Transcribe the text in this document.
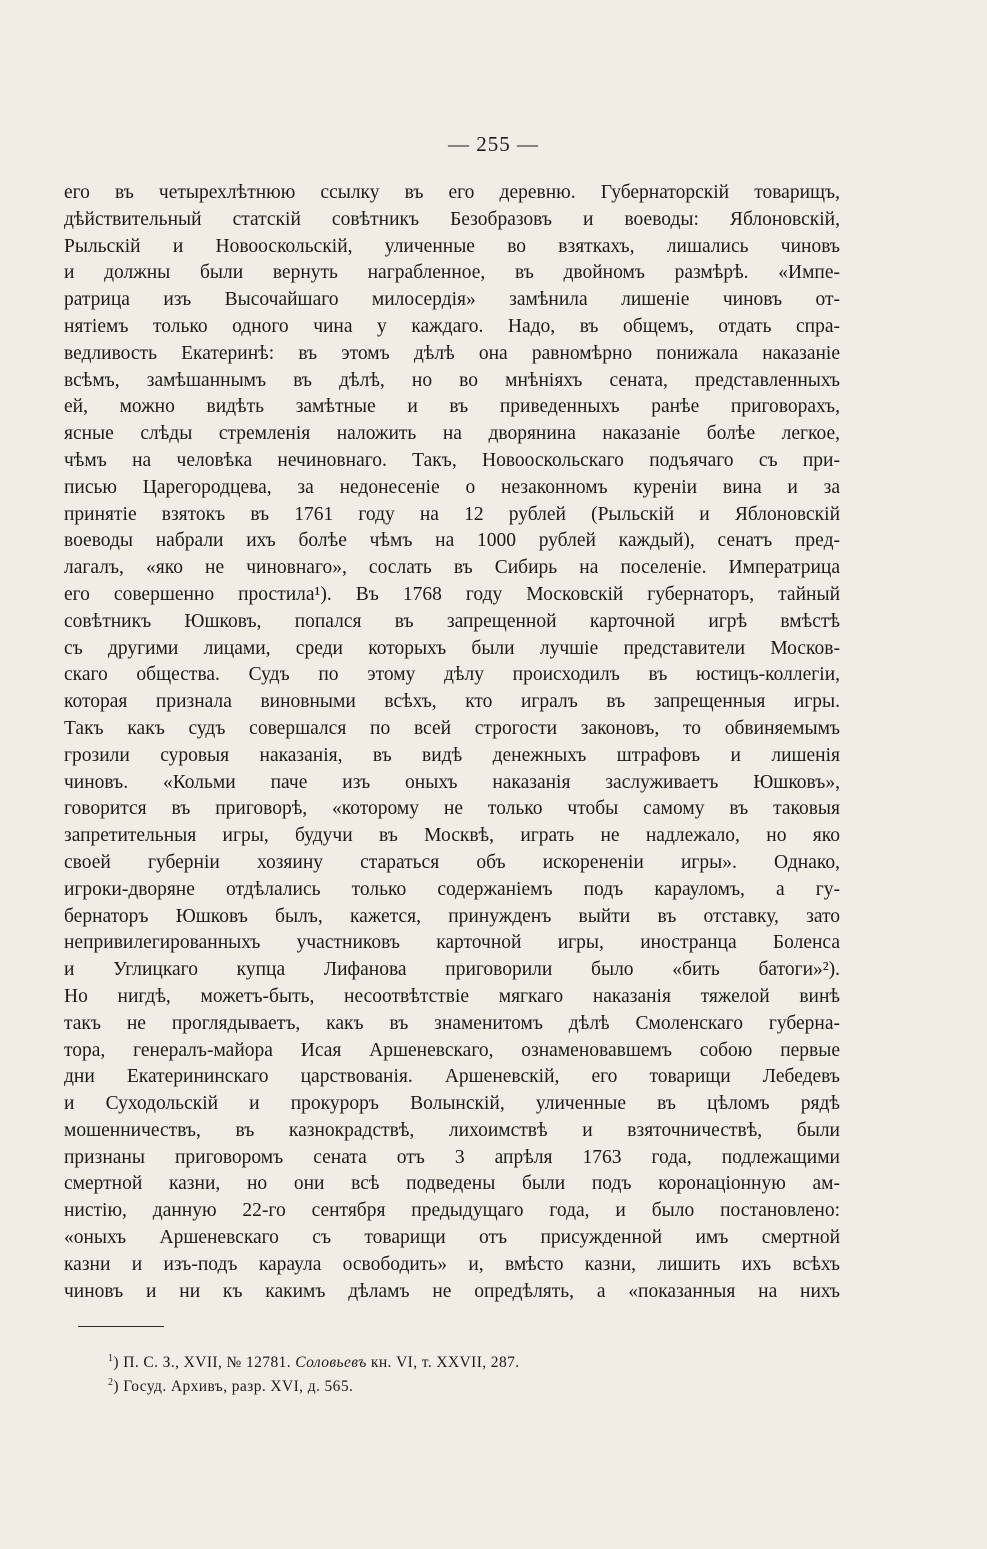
— 255 —
его въ четырехлѣтнюю ссылку въ его деревню. Губернаторскій товарищъ,
дѣйствительный статскій совѣтникъ Безобразовъ и воеводы: Яблоновскій,
Рыльскій и Новооскольскій, уличенные во взяткахъ, лишались чиновъ
и должны были вернуть награбленное, въ двойномъ размѣрѣ. «Импе-
ратрица изъ Высочайшаго милосердія» замѣнила лишеніе чиновъ от-
нятіемъ только одного чина у каждаго. Надо, въ общемъ, отдать спра-
ведливость Екатеринѣ: въ этомъ дѣлѣ она равномѣрно понижала наказаніе
всѣмъ, замѣшаннымъ въ дѣлѣ, но во мнѣніяхъ сената, представленныхъ
ей, можно видѣть замѣтные и въ приведенныхъ ранѣе приговорахъ,
ясные слѣды стремленія наложить на дворянина наказаніе болѣе легкое,
чѣмъ на человѣка нечиновнаго. Такъ, Новооскольскаго подъячаго съ при-
писью Царегородцева, за недонесеніе о незаконномъ куреніи вина и за
принятіе взятокъ въ 1761 году на 12 рублей (Рыльскій и Яблоновскій
воеводы набрали ихъ болѣе чѣмъ на 1000 рублей каждый), сенатъ пред-
лагалъ, «яко не чиновнаго», сослать въ Сибирь на поселеніе. Императрица
его совершенно простила¹). Въ 1768 году Московскій губернаторъ, тайный
совѣтникъ Юшковъ, попался въ запрещенной карточной игрѣ вмѣстѣ
съ другими лицами, среди которыхъ были лучшіе представители Москов-
скаго общества. Судъ по этому дѣлу происходилъ въ юстицъ-коллегіи,
которая признала виновными всѣхъ, кто игралъ въ запрещенныя игры.
Такъ какъ судъ совершался по всей строгости законовъ, то обвиняемымъ
грозили суровыя наказанія, въ видѣ денежныхъ штрафовъ и лишенія
чиновъ. «Кольми паче изъ оныхъ наказанія заслуживаетъ Юшковъ»,
говорится въ приговорѣ, «которому не только чтобы самому въ таковыя
запретительныя игры, будучи въ Москвѣ, играть не надлежало, но яко
своей губерніи хозяину стараться объ искорененіи игры». Однако,
игроки-дворяне отдѣлались только содержаніемъ подъ карауломъ, а гу-
бернаторъ Юшковъ былъ, кажется, принужденъ выйти въ отставку, зато
непривилегированныхъ участниковъ карточной игры, иностранца Боленса
и Углицкаго купца Лифанова приговорили было «бить батоги»²).
Но нигдѣ, можетъ-быть, несоотвѣтствіе мягкаго наказанія тяжелой винѣ
такъ не проглядываетъ, какъ въ знаменитомъ дѣлѣ Смоленскаго губерна-
тора, генералъ-майора Исая Аршеневскаго, ознаменовавшемъ собою первые
дни Екатерининскаго царствованія. Аршеневскій, его товарищи Лебедевъ
и Суходольскій и прокуроръ Волынскій, уличенные въ цѣломъ рядѣ
мошенничествъ, въ казнокрадствѣ, лихоимствѣ и взяточничествѣ, были
признаны приговоромъ сената отъ 3 апрѣля 1763 года, подлежащими
смертной казни, но они всѣ подведены были подъ коронаціонную ам-
нистію, данную 22-го сентября предыдущаго года, и было постановлено:
«оныхъ Аршеневскаго съ товарищи отъ присужденной имъ смертной
казни и изъ-подъ караула освободить» и, вмѣсто казни, лишить ихъ всѣхъ
чиновъ и ни къ какимъ дѣламъ не опредѣлять, а «показанныя на нихъ
$^1$) П. С. З., XVII, № 12781. Соловьевъ кн. VI, т. XXVII, 287.
$^2$) Госуд. Архивъ, разр. XVI, д. 565.
